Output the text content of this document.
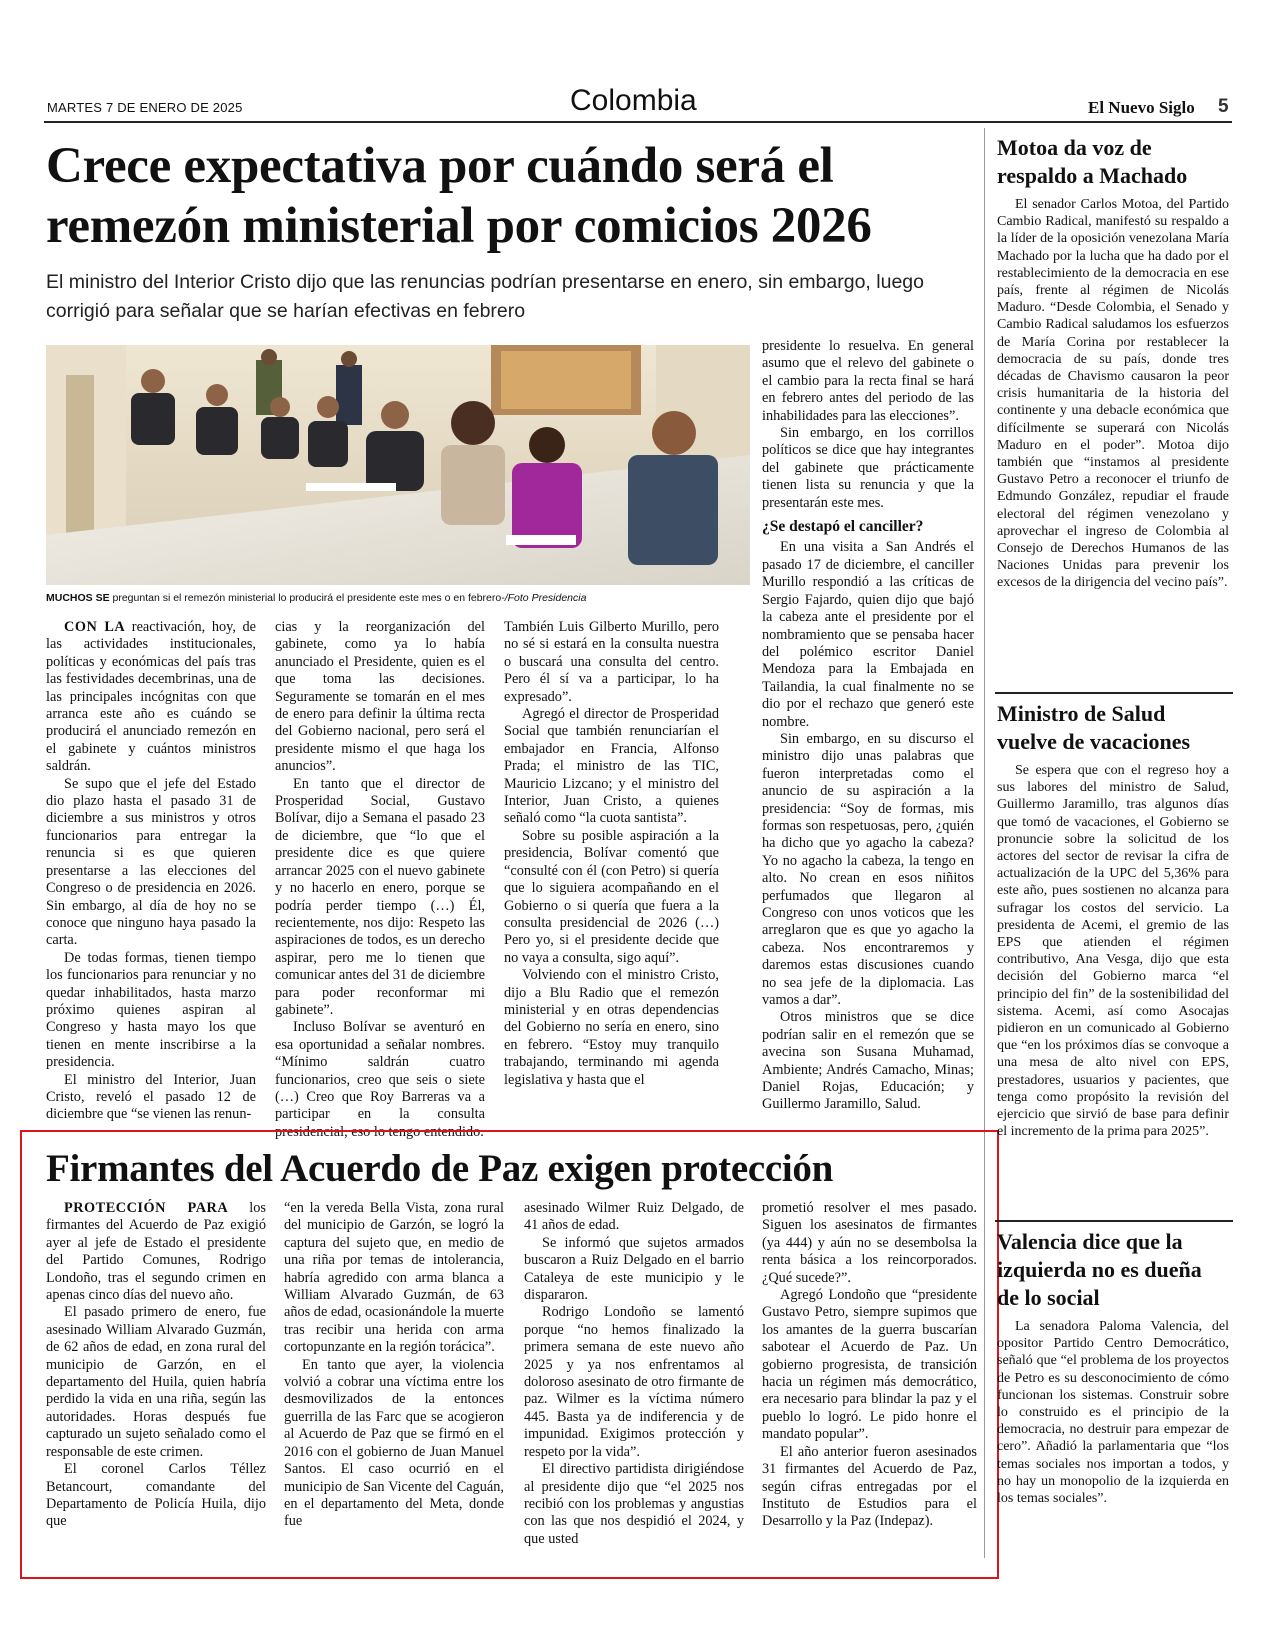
MARTES 7 DE ENERO DE 2025	Colombia	El Nuevo Siglo 5
Crece expectativa por cuándo será el remezón ministerial por comicios 2026
El ministro del Interior Cristo dijo que las renuncias podrían presentarse en enero, sin embargo, luego corrigió para señalar que se harían efectivas en febrero
MUCHOS SE preguntan si el remezón ministerial lo producirá el presidente este mes o en febrero-/Foto Presidencia

CON LA reactivación, hoy, de las actividades institucionales, políticas y económicas del país tras las festividades decembrinas, una de las principales incógnitas con que arranca este año es cuándo se producirá el anunciado remezón en el gabinete y cuántos ministros saldrán.

Se supo que el jefe del Estado dio plazo hasta el pasado 31 de diciembre a sus ministros y otros funcionarios para entregar la renuncia si es que quieren presentarse a las elecciones del Congreso o de presidencia en 2026. Sin embargo, al día de hoy no se conoce que ninguno haya pasado la carta.

De todas formas, tienen tiempo los funcionarios para renunciar y no quedar inhabilitados, hasta marzo próximo quienes aspiran al Congreso y hasta mayo los que tienen en mente inscribirse a la presidencia.

El ministro del Interior, Juan Cristo, reveló el pasado 12 de diciembre que “se vienen las renun-

cias y la reorganización del gabinete, como ya lo había anunciado el Presidente, quien es el que toma las decisiones. Seguramente se tomarán en el mes de enero para definir la última recta del Gobierno nacional, pero será el presidente mismo el que haga los anuncios”.

En tanto que el director de Prosperidad Social, Gustavo Bolívar, dijo a Semana el pasado 23 de diciembre, que “lo que el presidente dice es que quiere arrancar 2025 con el nuevo gabinete y no hacerlo en enero, porque se podría perder tiempo (…) Él, recientemente, nos dijo: Respeto las aspiraciones de todos, es un derecho aspirar, pero me lo tienen que comunicar antes del 31 de diciembre para poder reconformar mi gabinete”.

Incluso Bolívar se aventuró en esa oportunidad a señalar nombres. “Mínimo saldrán cuatro funcionarios, creo que seis o siete (…) Creo que Roy Barreras va a participar en la consulta presidencial, eso lo tengo entendido.

También Luis Gilberto Murillo, pero no sé si estará en la consulta nuestra o buscará una consulta del centro. Pero él sí va a participar, lo ha expresado”.

Agregó el director de Prosperidad Social que también renunciarían el embajador en Francia, Alfonso Prada; el ministro de las TIC, Mauricio Lizcano; y el ministro del Interior, Juan Cristo, a quienes señaló como “la cuota santista”.

Sobre su posible aspiración a la presidencia, Bolívar comentó que “consulté con él (con Petro) si quería que lo siguiera acompañando en el Gobierno o si quería que fuera a la consulta presidencial de 2026 (…) Pero yo, si el presidente decide que no vaya a consulta, sigo aquí”.

Volviendo con el ministro Cristo, dijo a Blu Radio que el remezón ministerial y en otras dependencias del Gobierno no sería en enero, sino en febrero. “Estoy muy tranquilo trabajando, terminando mi agenda legislativa y hasta que el

presidente lo resuelva. En general asumo que el relevo del gabinete o el cambio para la recta final se hará en febrero antes del periodo de las inhabilidades para las elecciones”.

Sin embargo, en los corrillos políticos se dice que hay integrantes del gabinete que prácticamente tienen lista su renuncia y que la presentarán este mes.

¿Se destapó el canciller?

En una visita a San Andrés el pasado 17 de diciembre, el canciller Murillo respondió a las críticas de Sergio Fajardo, quien dijo que bajó la cabeza ante el presidente por el nombramiento que se pensaba hacer del polémico escritor Daniel Mendoza para la Embajada en Tailandia, la cual finalmente no se dio por el rechazo que generó este nombre.

Sin embargo, en su discurso el ministro dijo unas palabras que fueron interpretadas como el anuncio de su aspiración a la presidencia: “Soy de formas, mis formas son respetuosas, pero, ¿quién ha dicho que yo agacho la cabeza? Yo no agacho la cabeza, la tengo en alto. No crean en esos niñitos perfumados que llegaron al Congreso con unos voticos que les arreglaron que es que yo agacho la cabeza. Nos encontraremos y daremos estas discusiones cuando no sea jefe de la diplomacia. Las vamos a dar”.

Otros ministros que se dice podrían salir en el remezón que se avecina son Susana Muhamad, Ambiente; Andrés Camacho, Minas; Daniel Rojas, Educación; y Guillermo Jaramillo, Salud.

Firmantes del Acuerdo de Paz exigen protección

PROTECCIÓN PARA los firmantes del Acuerdo de Paz exigió ayer al jefe de Estado el presidente del Partido Comunes, Rodrigo Londoño, tras el segundo crimen en apenas cinco días del nuevo año.

El pasado primero de enero, fue asesinado William Alvarado Guzmán, de 62 años de edad, en zona rural del municipio de Garzón, en el departamento del Huila, quien habría perdido la vida en una riña, según las autoridades. Horas después fue capturado un sujeto señalado como el responsable de este crimen.

El coronel Carlos Téllez Betancourt, comandante del Departamento de Policía Huila, dijo que

“en la vereda Bella Vista, zona rural del municipio de Garzón, se logró la captura del sujeto que, en medio de una riña por temas de intolerancia, habría agredido con arma blanca a William Alvarado Guzmán, de 63 años de edad, ocasionándole la muerte tras recibir una herida con arma cortopunzante en la región torácica”.

En tanto que ayer, la violencia volvió a cobrar una víctima entre los desmovilizados de la entonces guerrilla de las Farc que se acogieron al Acuerdo de Paz que se firmó en el 2016 con el gobierno de Juan Manuel Santos. El caso ocurrió en el municipio de San Vicente del Caguán, en el departamento del Meta, donde fue

asesinado Wilmer Ruiz Delgado, de 41 años de edad.

Se informó que sujetos armados buscaron a Ruiz Delgado en el barrio Cataleya de este municipio y le dispararon.

Rodrigo Londoño se lamentó porque “no hemos finalizado la primera semana de este nuevo año 2025 y ya nos enfrentamos al doloroso asesinato de otro firmante de paz. Wilmer es la víctima número 445. Basta ya de indiferencia y de impunidad. Exigimos protección y respeto por la vida”.

El directivo partidista dirigiéndose al presidente dijo que “el 2025 nos recibió con los problemas y angustias con las que nos despidió el 2024, y que usted

prometió resolver el mes pasado. Siguen los asesinatos de firmantes (ya 444) y aún no se desembolsa la renta básica a los reincorporados. ¿Qué sucede?”.

Agregó Londoño que “presidente Gustavo Petro, siempre supimos que los amantes de la guerra buscarían sabotear el Acuerdo de Paz. Un gobierno progresista, de transición hacia un régimen más democrático, era necesario para blindar la paz y el pueblo lo logró. Le pido honre el mandato popular”.

El año anterior fueron asesinados 31 firmantes del Acuerdo de Paz, según cifras entregadas por el Instituto de Estudios para el Desarrollo y la Paz (Indepaz).

Motoa da voz de respaldo a Machado

El senador Carlos Motoa, del Partido Cambio Radical, manifestó su respaldo a la líder de la oposición venezolana María Machado por la lucha que ha dado por el restablecimiento de la democracia en ese país, frente al régimen de Nicolás Maduro. “Desde Colombia, el Senado y Cambio Radical saludamos los esfuerzos de María Corina por restablecer la democracia de su país, donde tres décadas de Chavismo causaron la peor crisis humanitaria de la historia del continente y una debacle económica que difícilmente se superará con Nicolás Maduro en el poder”. Motoa dijo también que “instamos al presidente Gustavo Petro a reconocer el triunfo de Edmundo González, repudiar el fraude electoral del régimen venezolano y aprovechar el ingreso de Colombia al Consejo de Derechos Humanos de las Naciones Unidas para prevenir los excesos de la dirigencia del vecino país”.

Ministro de Salud vuelve de vacaciones

Se espera que con el regreso hoy a sus labores del ministro de Salud, Guillermo Jaramillo, tras algunos días que tomó de vacaciones, el Gobierno se pronuncie sobre la solicitud de los actores del sector de revisar la cifra de actualización de la UPC del 5,36% para este año, pues sostienen no alcanza para sufragar los costos del servicio. La presidenta de Acemi, el gremio de las EPS que atienden el régimen contributivo, Ana Vesga, dijo que esta decisión del Gobierno marca “el principio del fin” de la sostenibilidad del sistema. Acemi, así como Asocajas pidieron en un comunicado al Gobierno que “en los próximos días se convoque a una mesa de alto nivel con EPS, prestadores, usuarios y pacientes, que tenga como propósito la revisión del ejercicio que sirvió de base para definir el incremento de la prima para 2025”.

Valencia dice que la izquierda no es dueña de lo social

La senadora Paloma Valencia, del opositor Partido Centro Democrático, señaló que “el problema de los proyectos de Petro es su desconocimiento de cómo funcionan los sistemas. Construir sobre lo construido es el principio de la democracia, no destruir para empezar de cero”. Añadió la parlamentaria que “los temas sociales nos importan a todos, y no hay un monopolio de la izquierda en los temas sociales”.
